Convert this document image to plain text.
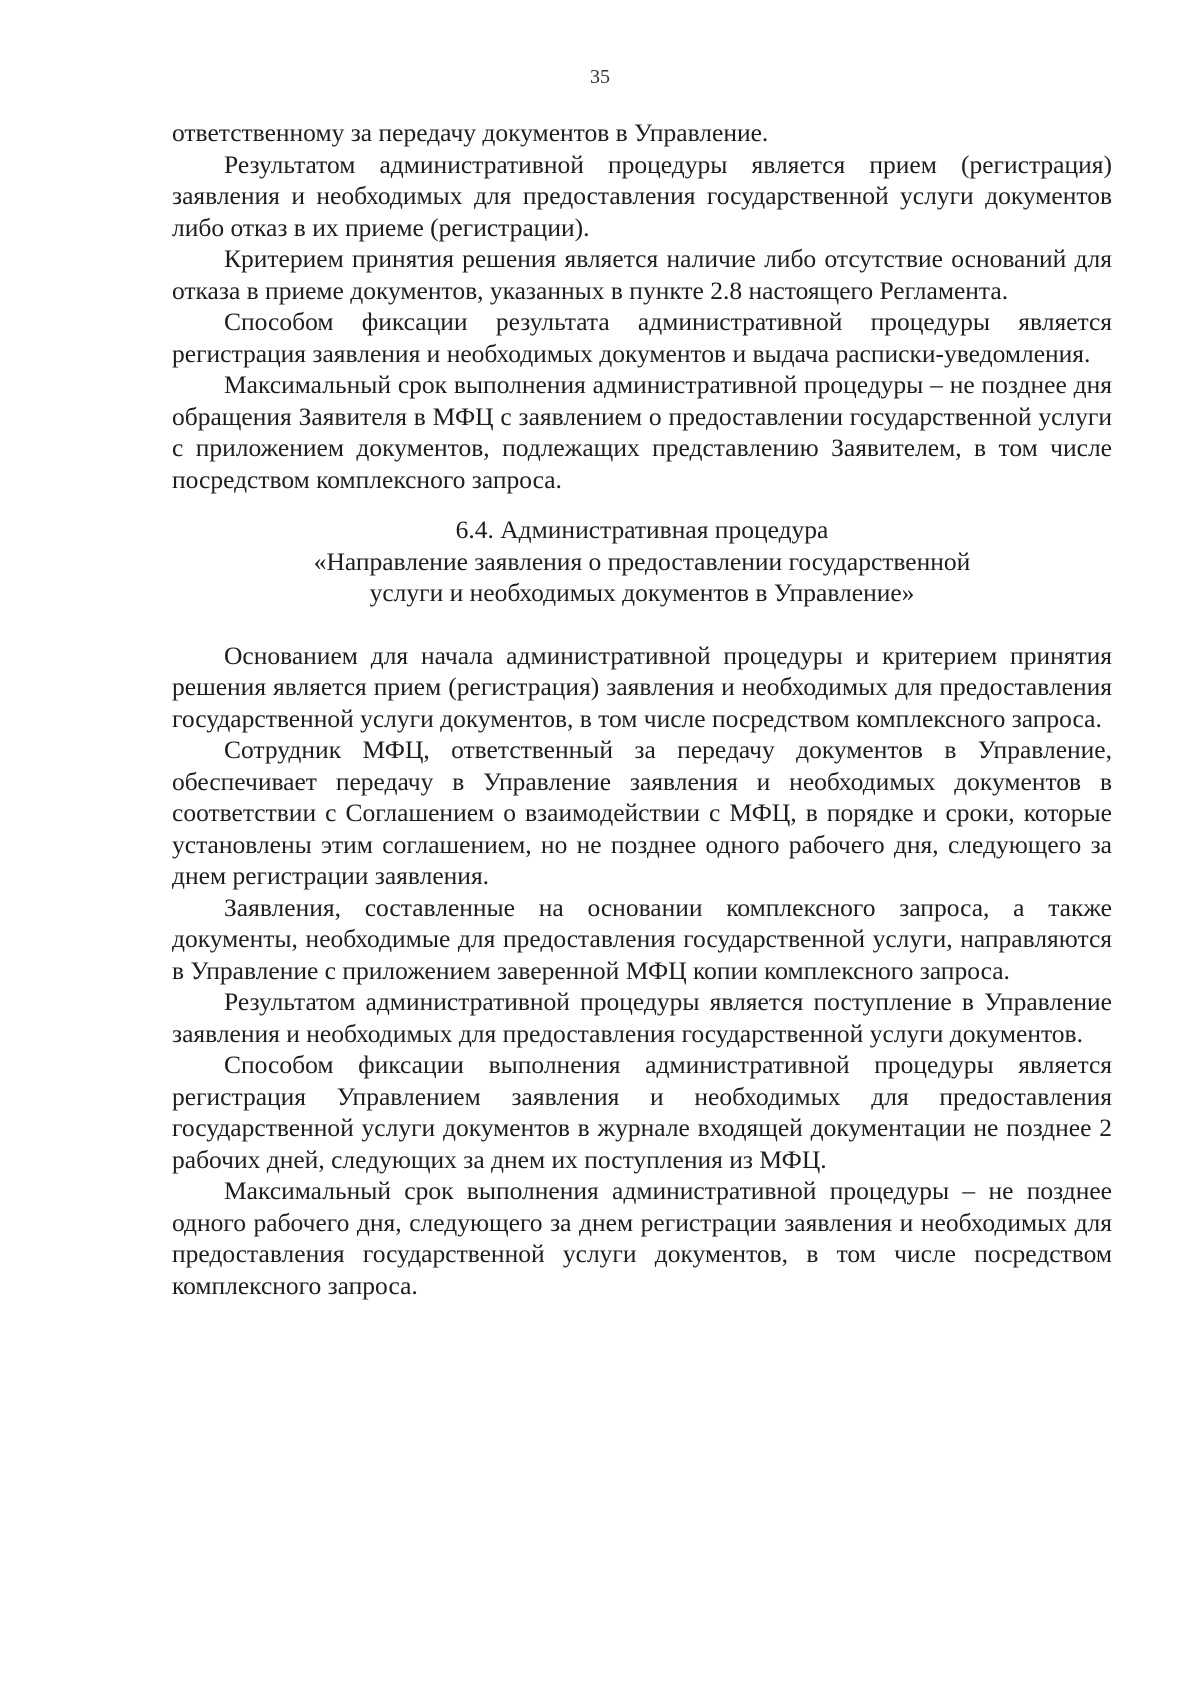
35

ответственному за передачу документов в Управление.

Результатом административной процедуры является прием (регистрация) заявления и необходимых для предоставления государственной услуги документов либо отказ в их приеме (регистрации).

Критерием принятия решения является наличие либо отсутствие оснований для отказа в приеме документов, указанных в пункте 2.8 настоящего Регламента.

Способом фиксации результата административной процедуры является регистрация заявления и необходимых документов и выдача расписки-уведомления.

Максимальный срок выполнения административной процедуры – не позднее дня обращения Заявителя в МФЦ с заявлением о предоставлении государственной услуги с приложением документов, подлежащих представлению Заявителем, в том числе посредством комплексного запроса.

6.4. Административная процедура
«Направление заявления о предоставлении государственной
услуги и необходимых документов в Управление»

Основанием для начала административной процедуры и критерием принятия решения является прием (регистрация) заявления и необходимых для предоставления государственной услуги документов, в том числе посредством комплексного запроса.

Сотрудник МФЦ, ответственный за передачу документов в Управление, обеспечивает передачу в Управление заявления и необходимых документов в соответствии с Соглашением о взаимодействии с МФЦ, в порядке и сроки, которые установлены этим соглашением, но не позднее одного рабочего дня, следующего за днем регистрации заявления.

Заявления, составленные на основании комплексного запроса, а также документы, необходимые для предоставления государственной услуги, направляются в Управление с приложением заверенной МФЦ копии комплексного запроса.

Результатом административной процедуры является поступление в Управление заявления и необходимых для предоставления государственной услуги документов.

Способом фиксации выполнения административной процедуры является регистрация Управлением заявления и необходимых для предоставления государственной услуги документов в журнале входящей документации не позднее 2 рабочих дней, следующих за днем их поступления из МФЦ.

Максимальный срок выполнения административной процедуры – не позднее одного рабочего дня, следующего за днем регистрации заявления и необходимых для предоставления государственной услуги документов, в том числе посредством комплексного запроса.
